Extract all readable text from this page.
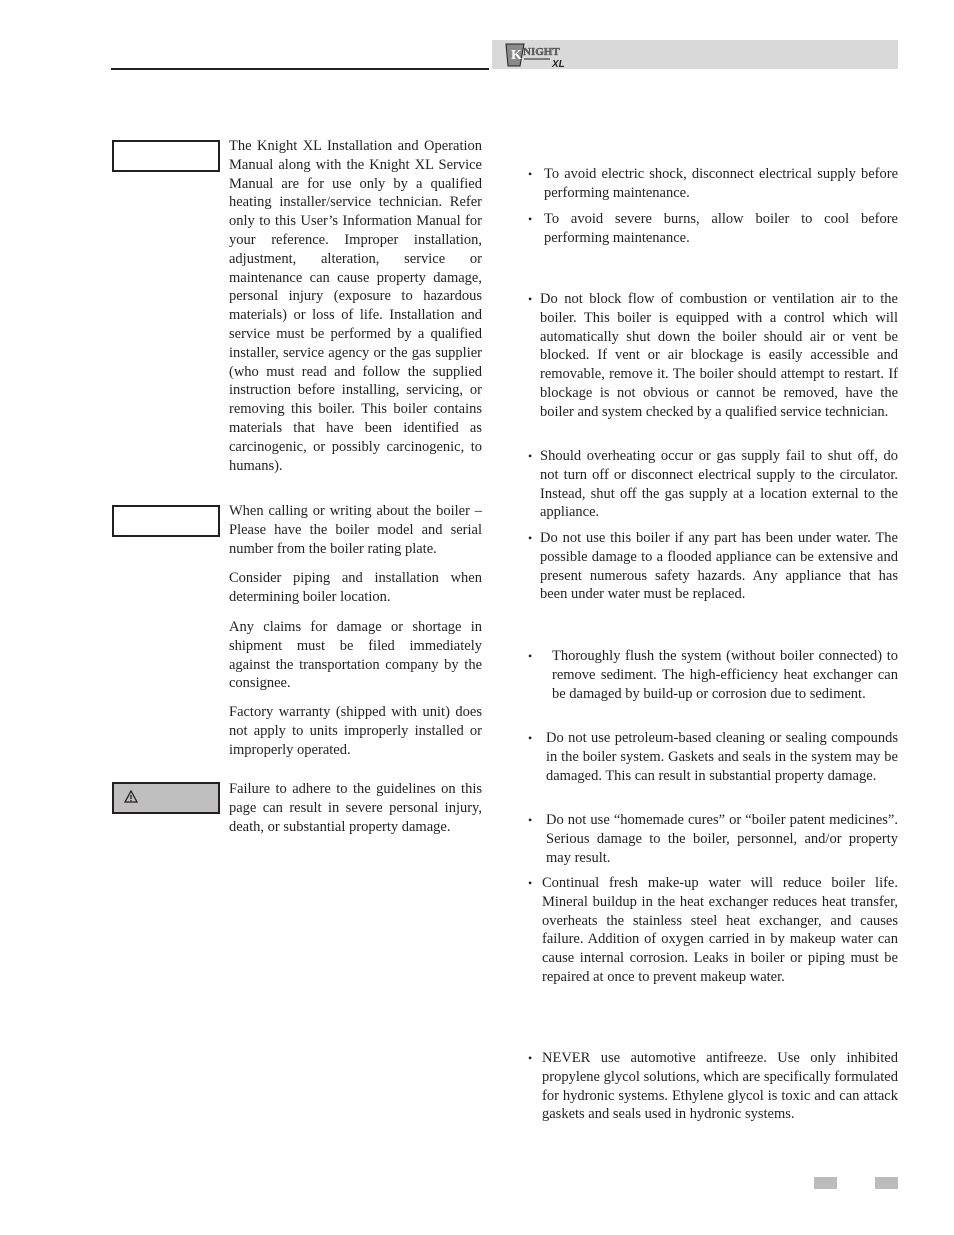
K NIGHT
XL

The Knight XL Installation and Operation Manual along with the Knight XL Service Manual are for use only by a qualified heating installer/service technician. Refer only to this User’s Information Manual for your reference. Improper installation, adjustment, alteration, service or maintenance can cause property damage, personal injury (exposure to hazardous materials) or loss of life. Installation and service must be performed by a qualified installer, service agency or the gas supplier (who must read and follow the supplied instruction before installing, servicing, or removing this boiler. This boiler contains materials that have been identified as carcinogenic, or possibly carcinogenic, to humans).

When calling or writing about the boiler – Please have the boiler model and serial number from the boiler rating plate.

Consider piping and installation when determining boiler location.

Any claims for damage or shortage in shipment must be filed immediately against the transportation company by the consignee.

Factory warranty (shipped with unit) does not apply to units improperly installed or improperly operated.

Failure to adhere to the guidelines on this page can result in severe personal injury, death, or substantial property damage.

• To avoid electric shock, disconnect electrical supply before performing maintenance.

• To avoid severe burns, allow boiler to cool before performing maintenance.

• Do not block flow of combustion or ventilation air to the boiler. This boiler is equipped with a control which will automatically shut down the boiler should air or vent be blocked. If vent or air blockage is easily accessible and removable, remove it. The boiler should attempt to restart. If blockage is not obvious or cannot be removed, have the boiler and system checked by a qualified service technician.

• Should overheating occur or gas supply fail to shut off, do not turn off or disconnect electrical supply to the circulator. Instead, shut off the gas supply at a location external to the appliance.

• Do not use this boiler if any part has been under water. The possible damage to a flooded appliance can be extensive and present numerous safety hazards. Any appliance that has been under water must be replaced.

• Thoroughly flush the system (without boiler connected) to remove sediment. The high-efficiency heat exchanger can be damaged by build-up or corrosion due to sediment.

• Do not use petroleum-based cleaning or sealing compounds in the boiler system. Gaskets and seals in the system may be damaged. This can result in substantial property damage.

• Do not use “homemade cures” or “boiler patent medicines”. Serious damage to the boiler, personnel, and/or property may result.

• Continual fresh make-up water will reduce boiler life. Mineral buildup in the heat exchanger reduces heat transfer, overheats the stainless steel heat exchanger, and causes failure. Addition of oxygen carried in by makeup water can cause internal corrosion. Leaks in boiler or piping must be repaired at once to prevent makeup water.

• NEVER use automotive antifreeze. Use only inhibited propylene glycol solutions, which are specifically formulated for hydronic systems. Ethylene glycol is toxic and can attack gaskets and seals used in hydronic systems.
